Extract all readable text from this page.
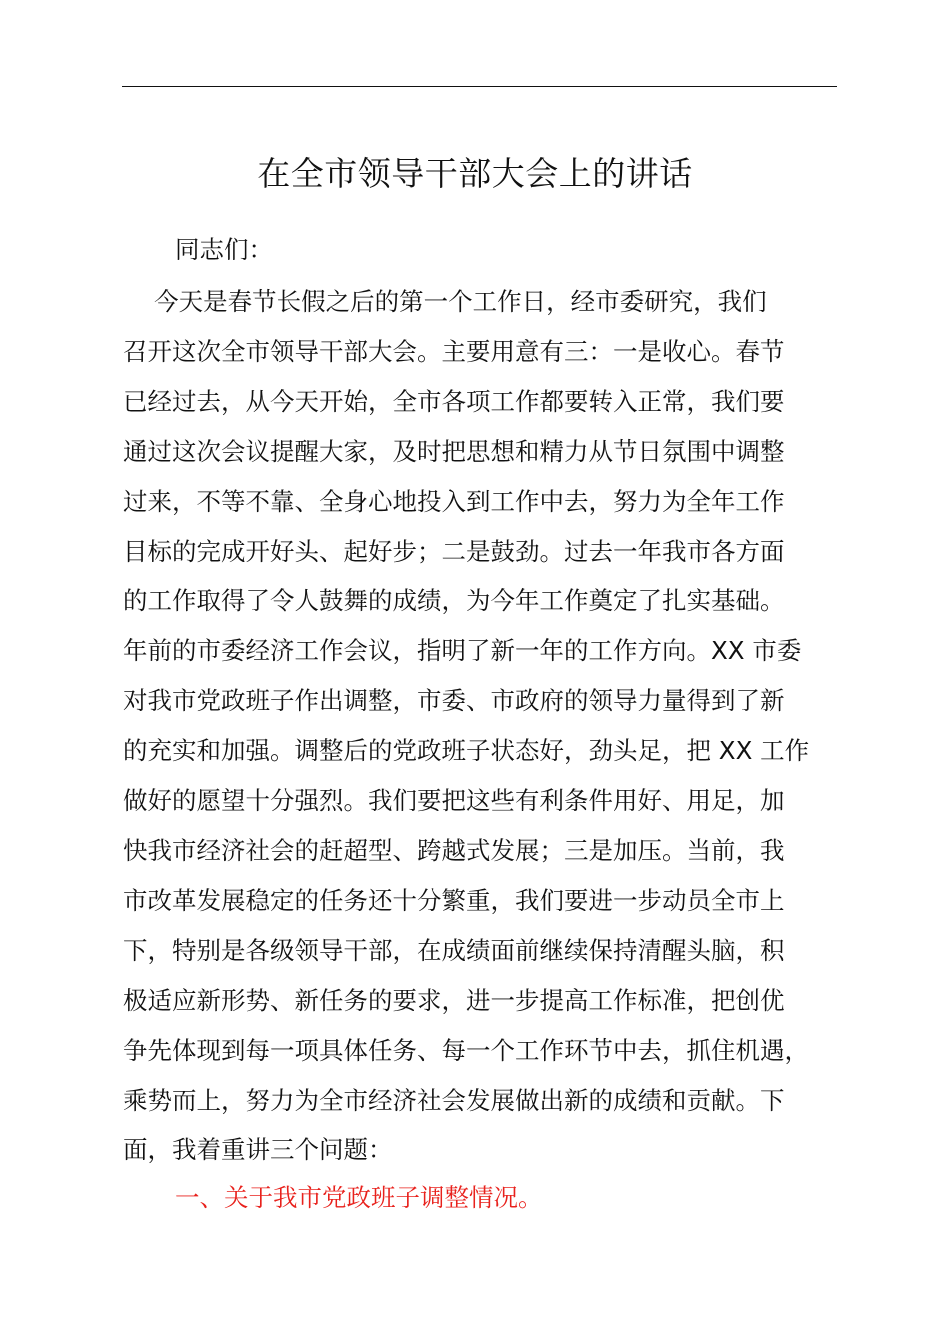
在全市领导干部大会上的讲话
同志们：
今天是春节长假之后的第一个工作日，经市委研究，我们
召开这次全市领导干部大会。主要用意有三：一是收心。春节
已经过去，从今天开始，全市各项工作都要转入正常，我们要
通过这次会议提醒大家，及时把思想和精力从节日氛围中调整
过来，不等不靠、全身心地投入到工作中去，努力为全年工作
目标的完成开好头、起好步；二是鼓劲。过去一年我市各方面
的工作取得了令人鼓舞的成绩，为今年工作奠定了扎实基础。
年前的市委经济工作会议，指明了新一年的工作方向。XX 市委
对我市党政班子作出调整，市委、市政府的领导力量得到了新
的充实和加强。调整后的党政班子状态好，劲头足，把 XX 工作
做好的愿望十分强烈。我们要把这些有利条件用好、用足，加
快我市经济社会的赶超型、跨越式发展；三是加压。当前，我
市改革发展稳定的任务还十分繁重，我们要进一步动员全市上
下，特别是各级领导干部，在成绩面前继续保持清醒头脑，积
极适应新形势、新任务的要求，进一步提高工作标准，把创优
争先体现到每一项具体任务、每一个工作环节中去，抓住机遇，
乘势而上，努力为全市经济社会发展做出新的成绩和贡献。下
面，我着重讲三个问题：
一、关于我市党政班子调整情况。
